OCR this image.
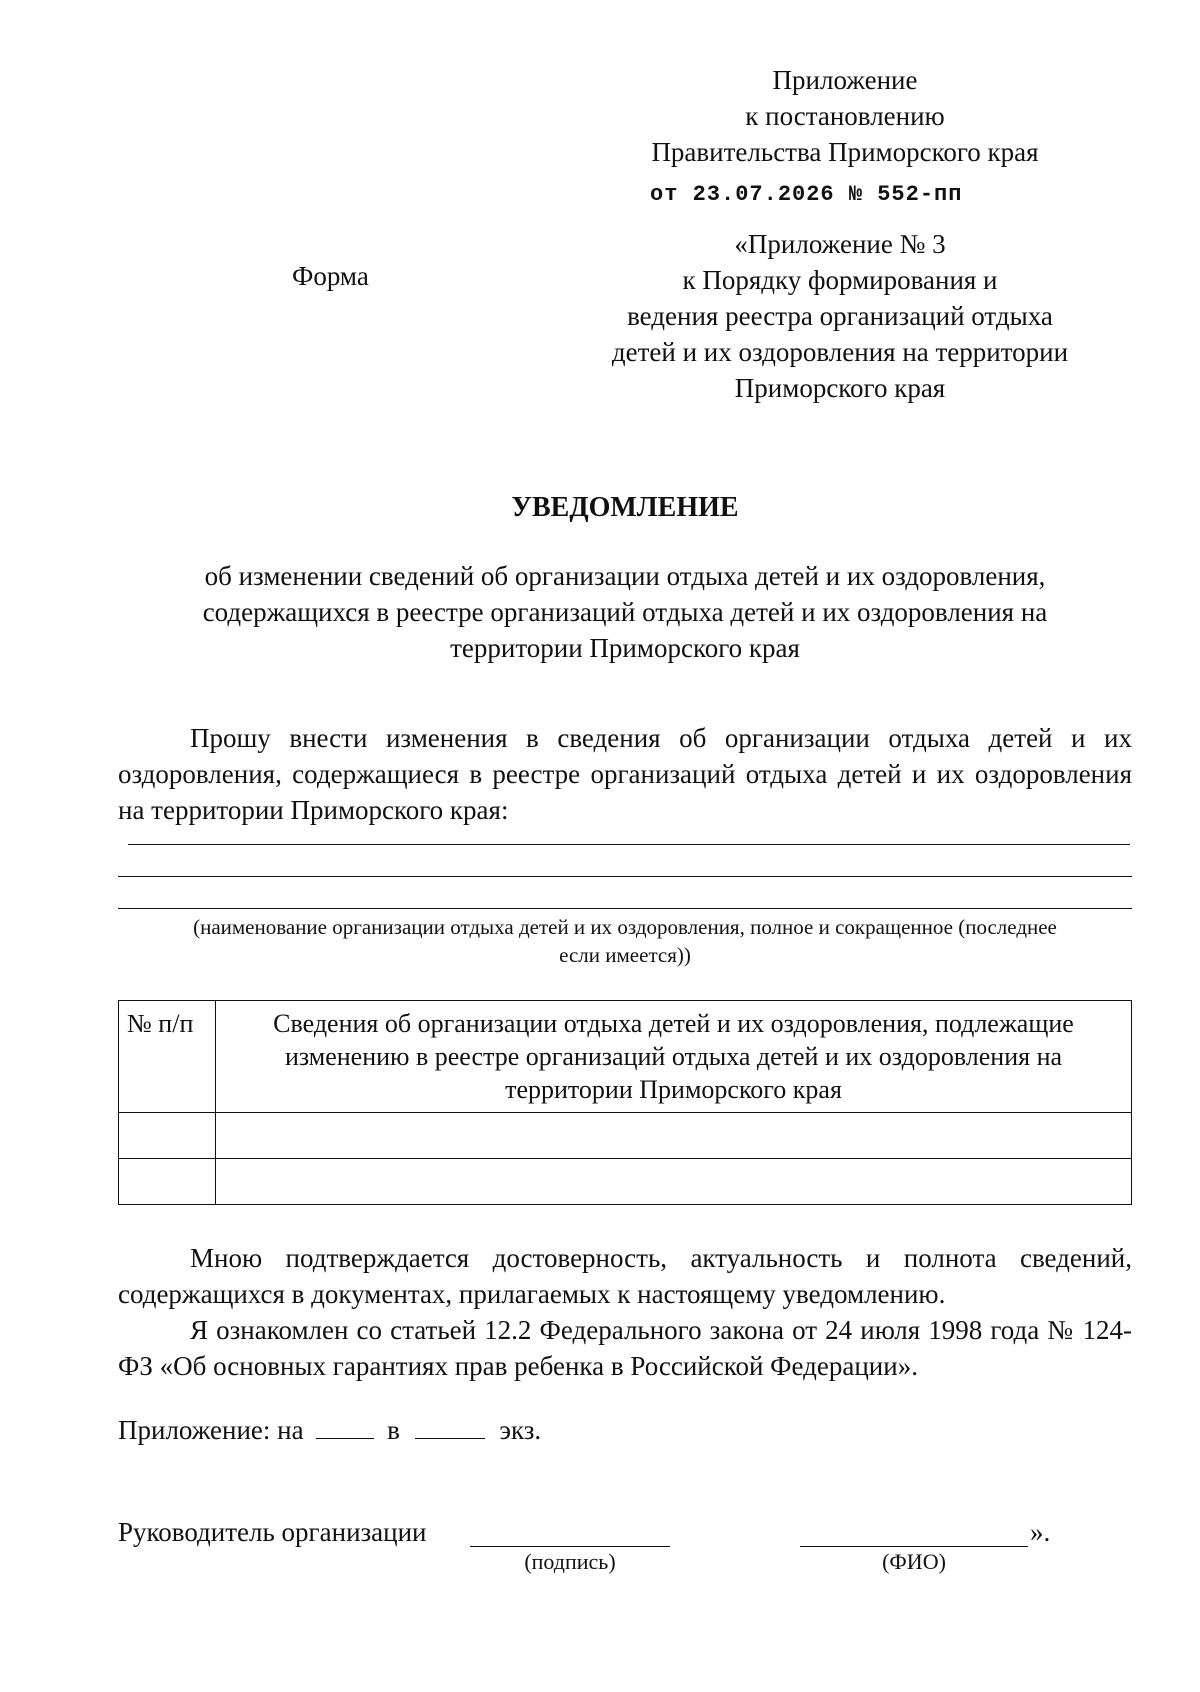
Приложение
к постановлению
Правительства Приморского края
от 23.07.2026 № 552-пп
Форма
«Приложение № 3
к Порядку формирования и
ведения реестра организаций отдыха
детей и их оздоровления на территории
Приморского края
УВЕДОМЛЕНИЕ
об изменении сведений об организации отдыха детей и их оздоровления,
содержащихся в реестре организаций отдыха детей и их оздоровления на
территории Приморского края
Прошу внести изменения в сведения об организации отдыха детей и их оздоровления, содержащиеся в реестре организаций отдыха детей и их оздоровления на территории Приморского края:
(наименование организации отдыха детей и их оздоровления, полное и сокращенное (последнее
если имеется))
№ п/п	Сведения об организации отдыха детей и их оздоровления, подлежащие изменению в реестре организаций отдыха детей и их оздоровления на территории Приморского края

Мною подтверждается достоверность, актуальность и полнота сведений, содержащихся в документах, прилагаемых к настоящему уведомлению.
Я ознакомлен со статьей 12.2 Федерального закона от 24 июля 1998 года № 124-ФЗ «Об основных гарантиях прав ребенка в Российской Федерации».
Приложение: на	в	экз.
Руководитель организации	».
(подпись)	(ФИО)
